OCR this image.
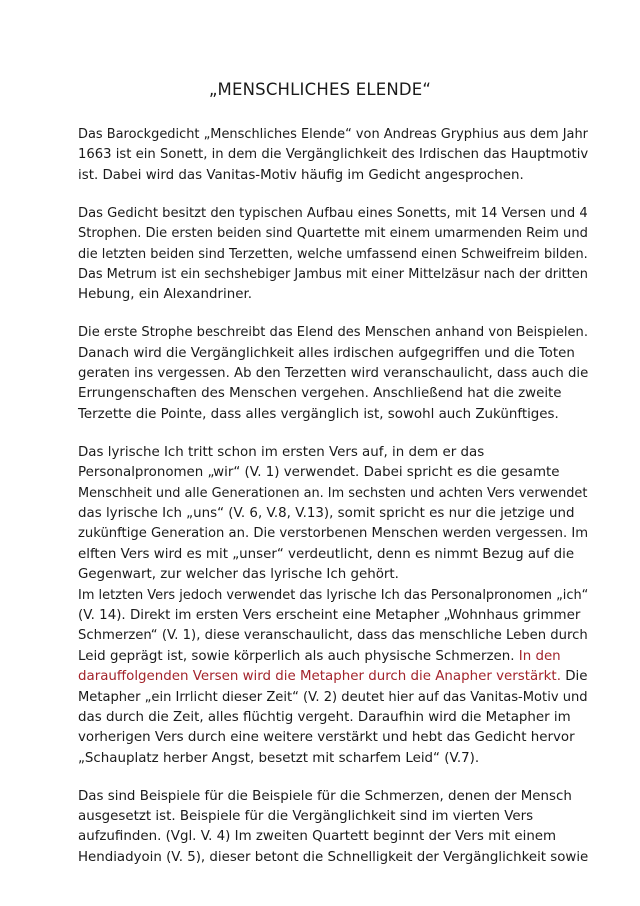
„MENSCHLICHES ELENDE“
Das Barockgedicht „Menschliches Elende“ von Andreas Gryphius aus dem Jahr
1663 ist ein Sonett, in dem die Vergänglichkeit des Irdischen das Hauptmotiv
ist. Dabei wird das Vanitas-Motiv häufig im Gedicht angesprochen.
Das Gedicht besitzt den typischen Aufbau eines Sonetts, mit 14 Versen und 4
Strophen. Die ersten beiden sind Quartette mit einem umarmenden Reim und
die letzten beiden sind Terzetten, welche umfassend einen Schweifreim bilden.
Das Metrum ist ein sechshebiger Jambus mit einer Mittelzäsur nach der dritten
Hebung, ein Alexandriner.
Die erste Strophe beschreibt das Elend des Menschen anhand von Beispielen.
Danach wird die Vergänglichkeit alles irdischen aufgegriffen und die Toten
geraten ins vergessen. Ab den Terzetten wird veranschaulicht, dass auch die
Errungenschaften des Menschen vergehen. Anschließend hat die zweite
Terzette die Pointe, dass alles vergänglich ist, sowohl auch Zukünftiges.
Das lyrische Ich tritt schon im ersten Vers auf, in dem er das
Personalpronomen „wir“ (V. 1) verwendet. Dabei spricht es die gesamte
Menschheit und alle Generationen an. Im sechsten und achten Vers verwendet
das lyrische Ich „uns“ (V. 6, V.8, V.13), somit spricht es nur die jetzige und
zukünftige Generation an. Die verstorbenen Menschen werden vergessen. Im
elften Vers wird es mit „unser“ verdeutlicht, denn es nimmt Bezug auf die
Gegenwart, zur welcher das lyrische Ich gehört.
Im letzten Vers jedoch verwendet das lyrische Ich das Personalpronomen „ich“
(V. 14). Direkt im ersten Vers erscheint eine Metapher „Wohnhaus grimmer
Schmerzen“ (V. 1), diese veranschaulicht, dass das menschliche Leben durch
Leid geprägt ist, sowie körperlich als auch physische Schmerzen. In den
darauffolgenden Versen wird die Metapher durch die Anapher verstärkt. Die
Metapher „ein Irrlicht dieser Zeit“ (V. 2) deutet hier auf das Vanitas-Motiv und
das durch die Zeit, alles flüchtig vergeht. Daraufhin wird die Metapher im
vorherigen Vers durch eine weitere verstärkt und hebt das Gedicht hervor
„Schauplatz herber Angst, besetzt mit scharfem Leid“ (V.7).
Das sind Beispiele für die Beispiele für die Schmerzen, denen der Mensch
ausgesetzt ist. Beispiele für die Vergänglichkeit sind im vierten Vers
aufzufinden. (Vgl. V. 4) Im zweiten Quartett beginnt der Vers mit einem
Hendiadyoin (V. 5), dieser betont die Schnelligkeit der Vergänglichkeit sowie
